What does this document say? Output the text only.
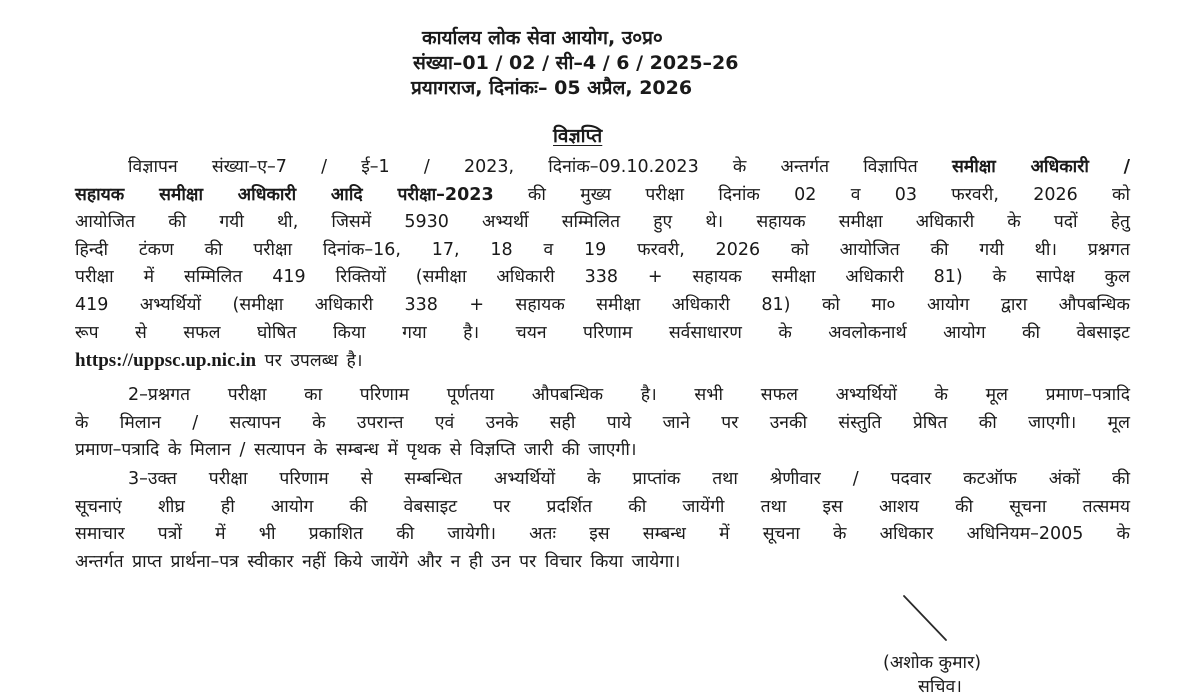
कार्यालय लोक सेवा आयोग, उ०प्र०
संख्या–01 / 02 / सी–4 / 6 / 2025–26
प्रयागराज, दिनांकः– 05 अप्रैल, 2026
विज्ञप्ति
विज्ञापन संख्या–ए–7 / ई–1 / 2023, दिनांक–09.10.2023 के अन्तर्गत विज्ञापित समीक्षा अधिकारी /
सहायक समीक्षा अधिकारी आदि परीक्षा–2023 की मुख्य परीक्षा दिनांक 02 व 03 फरवरी, 2026 को
आयोजित की गयी थी, जिसमें 5930 अभ्यर्थी सम्मिलित हुए थे। सहायक समीक्षा अधिकारी के पदों हेतु
हिन्दी टंकण की परीक्षा दिनांक–16, 17, 18 व 19 फरवरी, 2026 को आयोजित की गयी थी। प्रश्नगत
परीक्षा में सम्मिलित 419 रिक्तियों (समीक्षा अधिकारी 338 + सहायक समीक्षा अधिकारी 81) के सापेक्ष कुल
419 अभ्यर्थियों (समीक्षा अधिकारी 338 + सहायक समीक्षा अधिकारी 81) को मा० आयोग द्वारा औपबन्धिक
रूप से सफल घोषित किया गया है। चयन परिणाम सर्वसाधारण के अवलोकनार्थ आयोग की वेबसाइट
https://uppsc.up.nic.in पर उपलब्ध है।
2–प्रश्नगत परीक्षा का परिणाम पूर्णतया औपबन्धिक है। सभी सफल अभ्यर्थियों के मूल प्रमाण–पत्रादि
के मिलान / सत्यापन के उपरान्त एवं उनके सही पाये जाने पर उनकी संस्तुति प्रेषित की जाएगी। मूल
प्रमाण–पत्रादि के मिलान / सत्यापन के सम्बन्ध में पृथक से विज्ञप्ति जारी की जाएगी।
3–उक्त परीक्षा परिणाम से सम्बन्धित अभ्यर्थियों के प्राप्तांक तथा श्रेणीवार / पदवार कटऑफ अंकों की
सूचनाएं शीघ्र ही आयोग की वेबसाइट पर प्रदर्शित की जायेंगी तथा इस आशय की सूचना तत्समय
समाचार पत्रों में भी प्रकाशित की जायेगी। अतः इस सम्बन्ध में सूचना के अधिकार अधिनियम–2005 के
अन्तर्गत प्राप्त प्रार्थना–पत्र स्वीकार नहीं किये जायेंगे और न ही उन पर विचार किया जायेगा।
(अशोक कुमार)
सचिव।
